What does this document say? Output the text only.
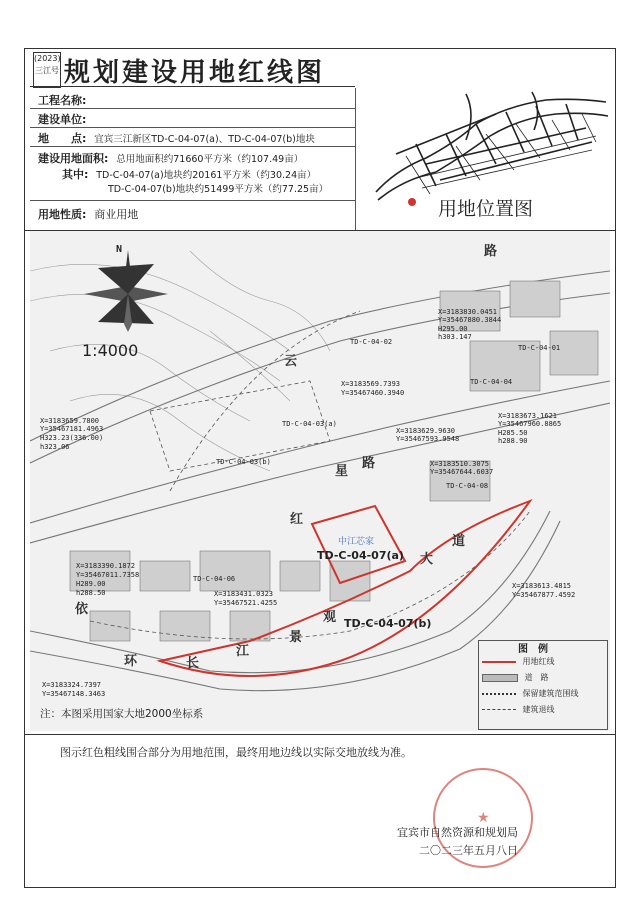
(2023)
三江号 规划建设用地红线图
工程名称:
建设单位:
地　　点: 宜宾三江新区TD-C-04-07(a)、TD-C-04-07(b)地块
建设用地面积: 总用地面积约71660平方米（约107.49亩）
其中: TD-C-04-07(a)地块约20161平方米（约30.24亩）
TD-C-04-07(b)地块约51499平方米（约77.25亩）
用地性质: 商业用地	用地位置图
N
1:4000
路
云
星
路
红
大
道
依
环	长
江
景
观
TD-C-04-07(a)
TD-C-04-07(b)
X=3183830.0451
Y=35467880.3844
H295.00
h303.147
X=3183569.7393
Y=35467460.3940
X=3183659.7800
Y=35467181.4963
H323.23(336.00)
h323.06
X=3183629.9630
Y=35467593.9548
X=3183673.1621
Y=35467960.8865
H285.50
h288.90
X=3183510.3075
Y=35467644.6037
X=3183390.1872
Y=35467011.7358
H289.00
h288.50	X=3183431.0323
Y=35467521.4255
X=3183613.4815
Y=35467877.4592
X=3183324.7397
Y=35467148.3463
TD-C-04-08
TD-C-04-06
TD-C-04-02
TD-C-04-03(a)
TD-C-04-03(b)
TD-C-04-04
TD-C-04-01
中江芯家
图　例
用地红线
道　路
保留建筑范围线
建筑退线
注：本图采用国家大地2000坐标系
图示红色粗线围合部分为用地范围，最终用地边线以实际交地放线为准。
★
宜宾市自然资源和规划局
二〇二三年五月八日
